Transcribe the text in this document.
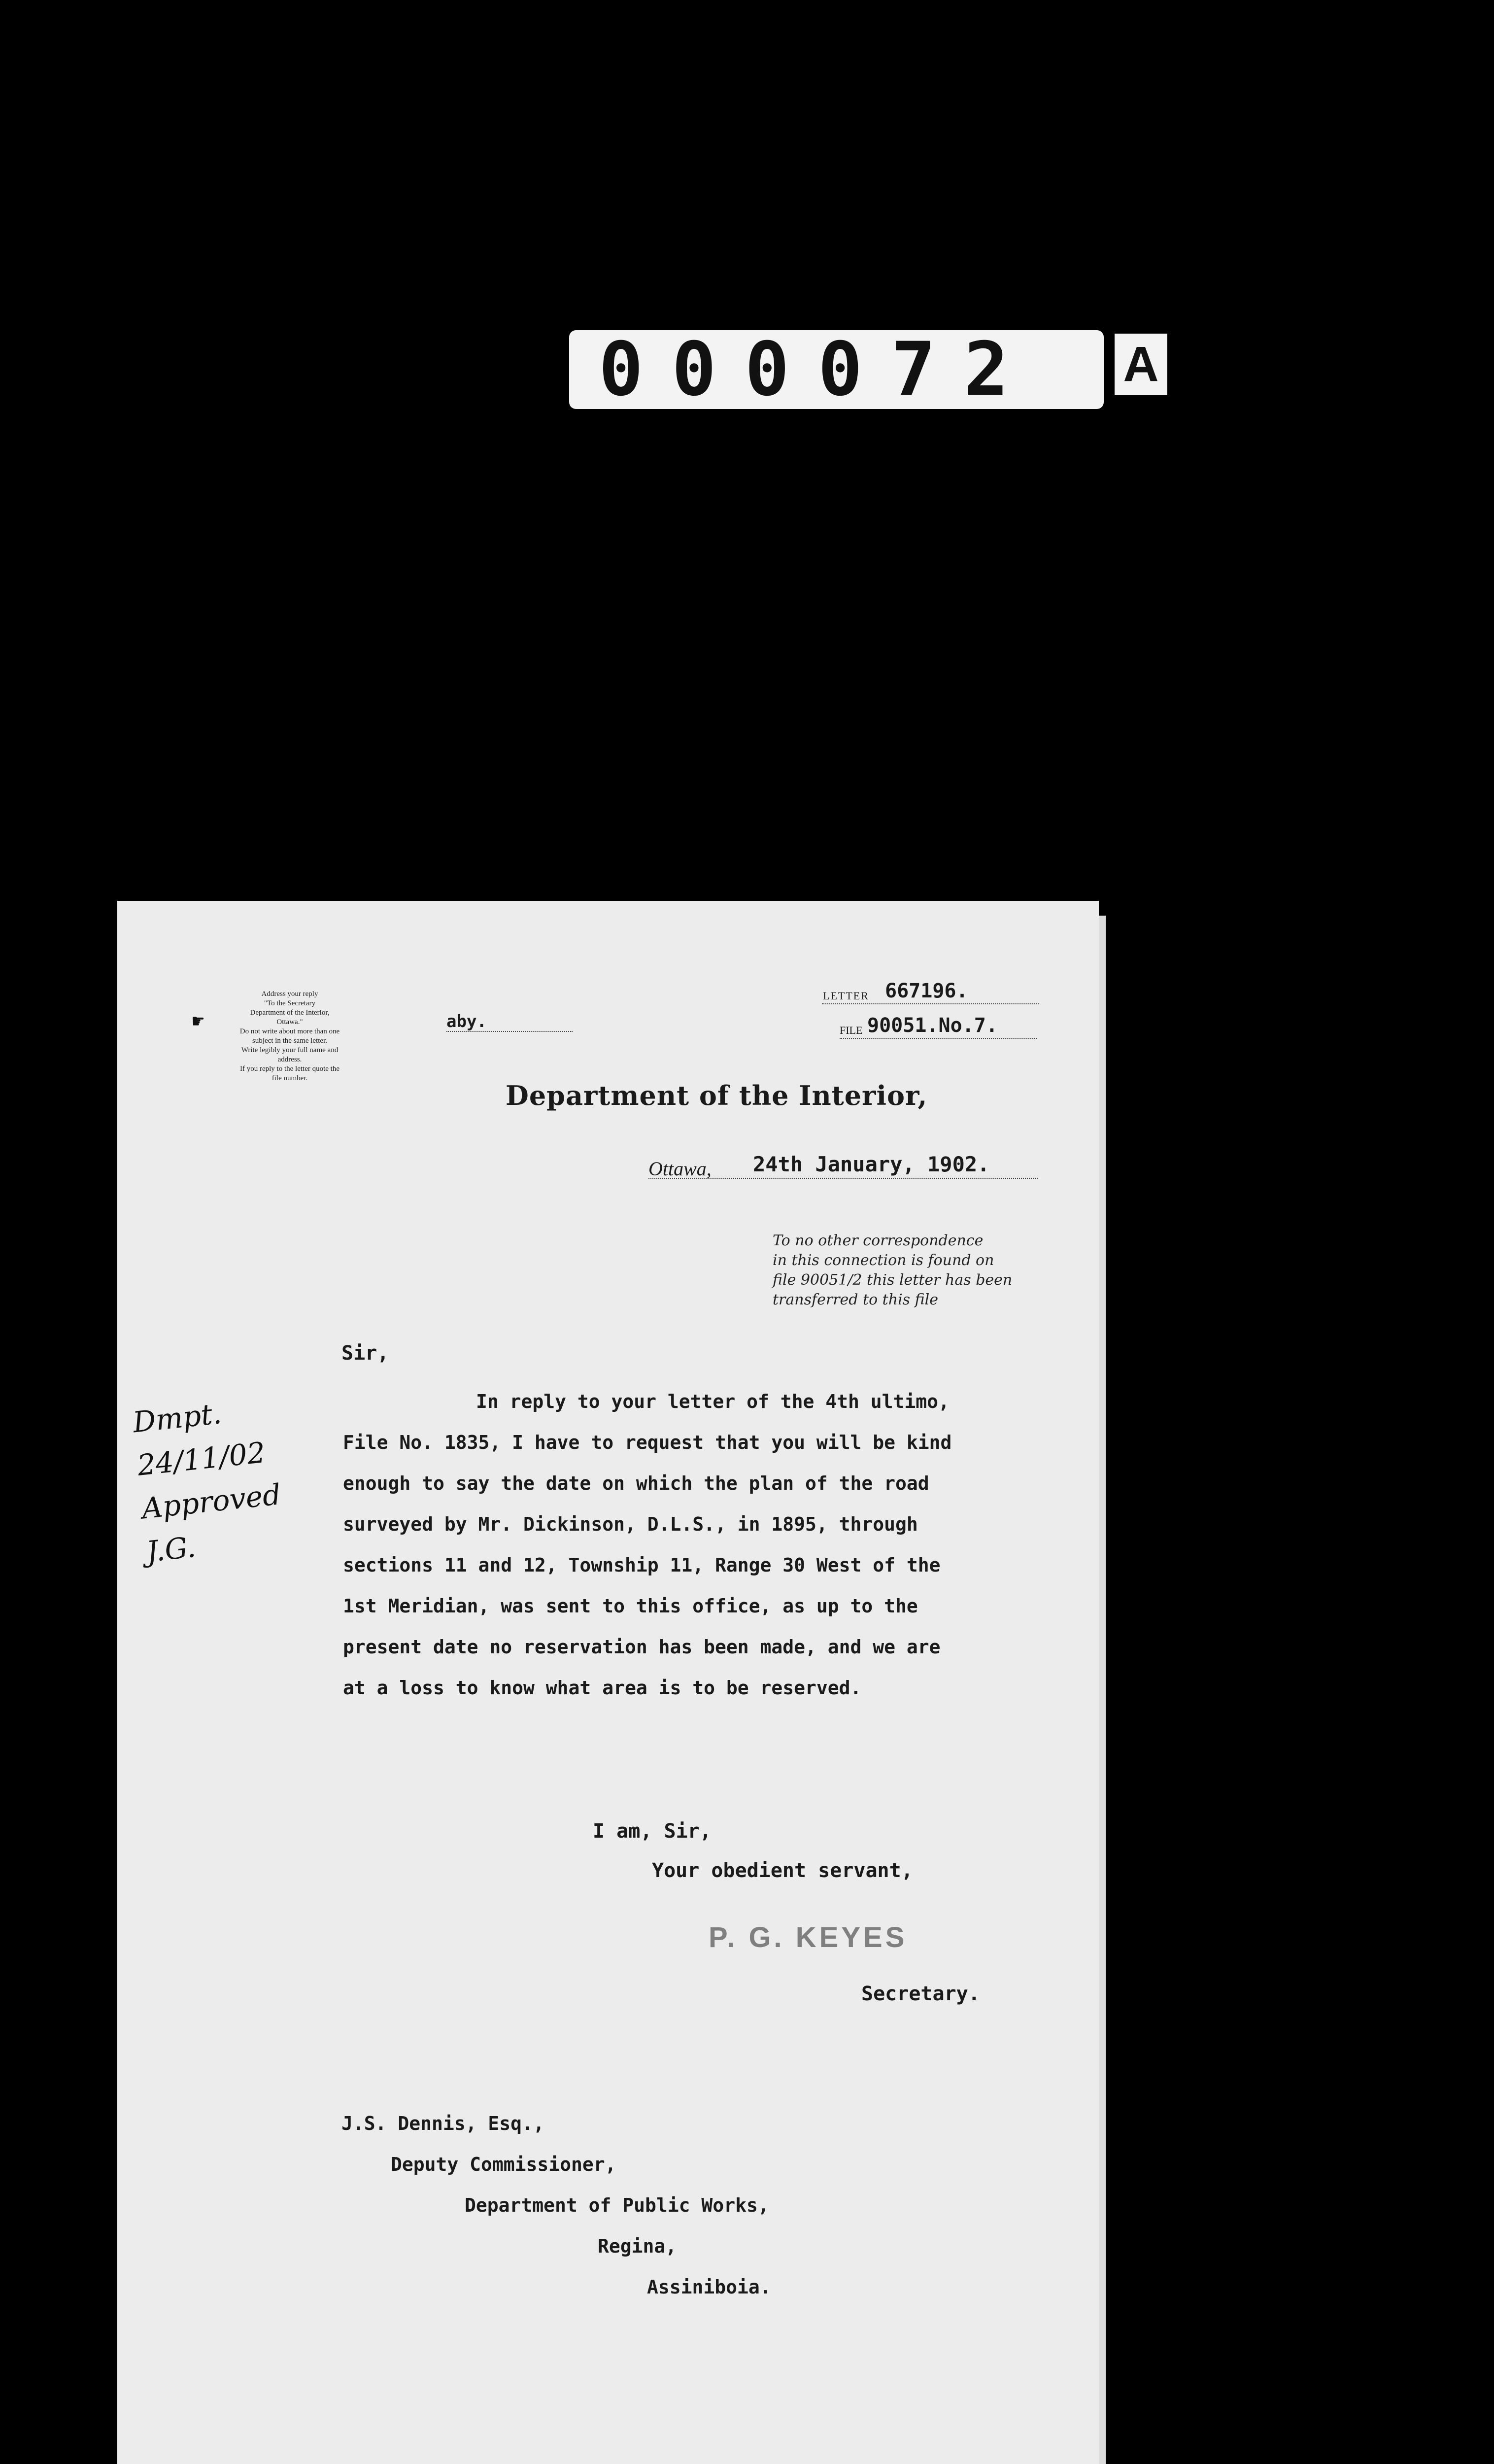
000072	A
☛
Address your reply
"To the Secretary
Department of the Interior,
Ottawa."
Do not write about more than one
subject in the same letter.
Write legibly your full name and
address.
If you reply to the letter quote the
file number.
aby.
LETTER 667196.
FILE 90051.No.7.
Department of the Interior,
Ottawa, 24th January, 1902.
To no other correspondence
in this connection is found on
file 90051/2 this letter has been
transferred to this file
Dmpt.
24/11/02
Approved
J.G.
Sir,
In reply to your letter of the 4th ultimo,
File No. 1835, I have to request that you will be kind
enough to say the date on which the plan of the road
surveyed by Mr. Dickinson, D.L.S., in 1895, through
sections 11 and 12, Township 11, Range 30 West of the
1st Meridian, was sent to this office, as up to the
present date no reservation has been made, and we are
at a loss to know what area is to be reserved.
I am, Sir,
Your obedient servant,
P. G. KEYES
Secretary.
J.S. Dennis, Esq.,
Deputy Commissioner,
Department of Public Works,
Regina,
Assiniboia.
